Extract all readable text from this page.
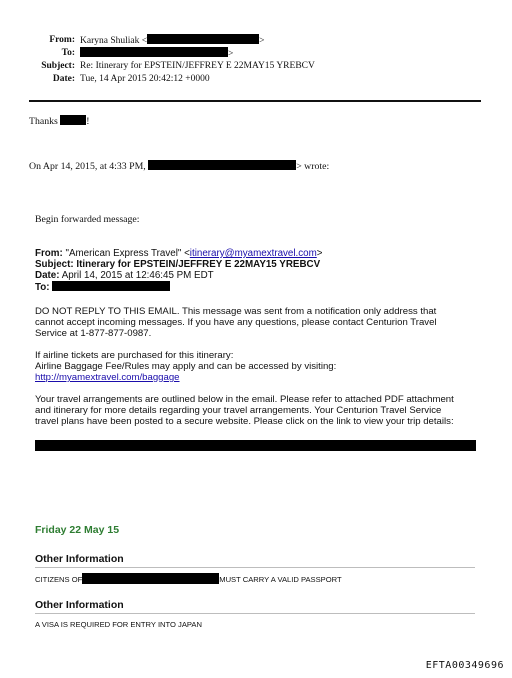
From: Karyna Shuliak <	>
To:	>
Subject: Re: Itinerary for EPSTEIN/JEFFREY E 22MAY15 YREBCV
Date: Tue, 14 Apr 2015 20:42:12 +0000
Thanks	!
On Apr 14, 2015, at 4:33 PM,	> wrote:
Begin forwarded message:
From: "American Express Travel" <itinerary@myamextravel.com>
Subject: Itinerary for EPSTEIN/JEFFREY E 22MAY15 YREBCV
Date: April 14, 2015 at 12:46:45 PM EDT
To:
DO NOT REPLY TO THIS EMAIL. This message was sent from a notification only address that
cannot accept incoming messages. If you have any questions, please contact Centurion Travel
Service at 1-877-877-0987.
If airline tickets are purchased for this itinerary:
Airline Baggage Fee/Rules may apply and can be accessed by visiting:
http://myamextravel.com/baggage
Your travel arrangements are outlined below in the email. Please refer to attached PDF attachment
and itinerary for more details regarding your travel arrangements. Your Centurion Travel Service
travel plans have been posted to a secure website. Please click on the link to view your trip details:
Friday 22 May 15
Other Information
CITIZENS OF	MUST CARRY A VALID PASSPORT
Other Information
A VISA IS REQUIRED FOR ENTRY INTO JAPAN
EFTA00349696
